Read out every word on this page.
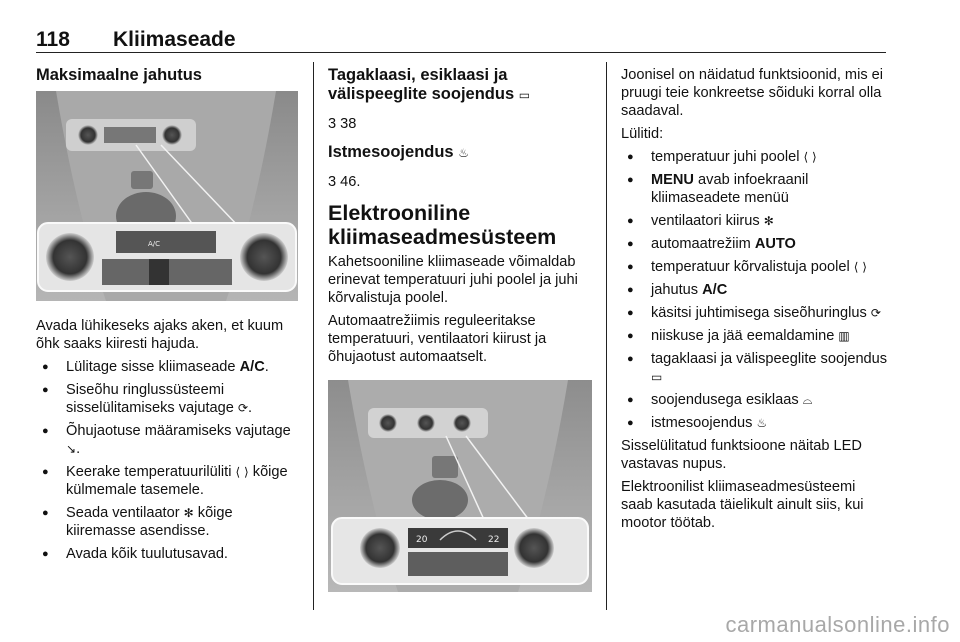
118 Kliimaseade
Maksimaalne jahutus
A/C

Avada lühikeseks ajaks aken, et kuum õhk saaks kiiresti hajuda.

● Lülitage sisse kliimaseade A/C.
● Siseõhu ringlussüsteemi sisselülitamiseks vajutage ⟳.
● Õhujaotuse määramiseks vajutage ↘.
● Keerake temperatuurilüliti ⟨ ⟩ kõige külmemale tasemele.
● Seada ventilaator ✻ kõige kiiremasse asendisse.
● Avada kõik tuulutusavad.
Tagaklaasi, esiklaasi ja välispeeglite soojendus ▭

3 38

Istmesoojendus ♨

3 46.

Elektrooniline kliimaseadmesüsteem

Kahetsooniline kliimaseade võimaldab erinevat temperatuuri juhi poolel ja juhi kõrvalistuja poolel.

Automaatrežiimis reguleeritakse temperatuuri, ventilaatori kiirust ja õhujaotust automaatselt.

20	22

Joonisel on näidatud funktsioonid, mis ei pruugi teie konkreetse sõiduki korral olla saadaval.

Lülitid:

● temperatuur juhi poolel ⟨ ⟩
● MENU avab infoekraanil kliimaseadete menüü
● ventilaatori kiirus ✻
● automaatrežiim AUTO
● temperatuur kõrvalistuja poolel ⟨ ⟩
● jahutus A/C
● käsitsi juhtimisega siseõhuringlus ⟳
● niiskuse ja jää eemaldamine ▥
● tagaklaasi ja välispeeglite soojendus ▭
● soojendusega esiklaas ⌓
● istmesoojendus ♨

Sisselülitatud funktsioone näitab LED vastavas nupus.

Elektroonilist kliimaseadmesüsteemi saab kasutada täielikult ainult siis, kui mootor töötab.

carmanualsonline.info
